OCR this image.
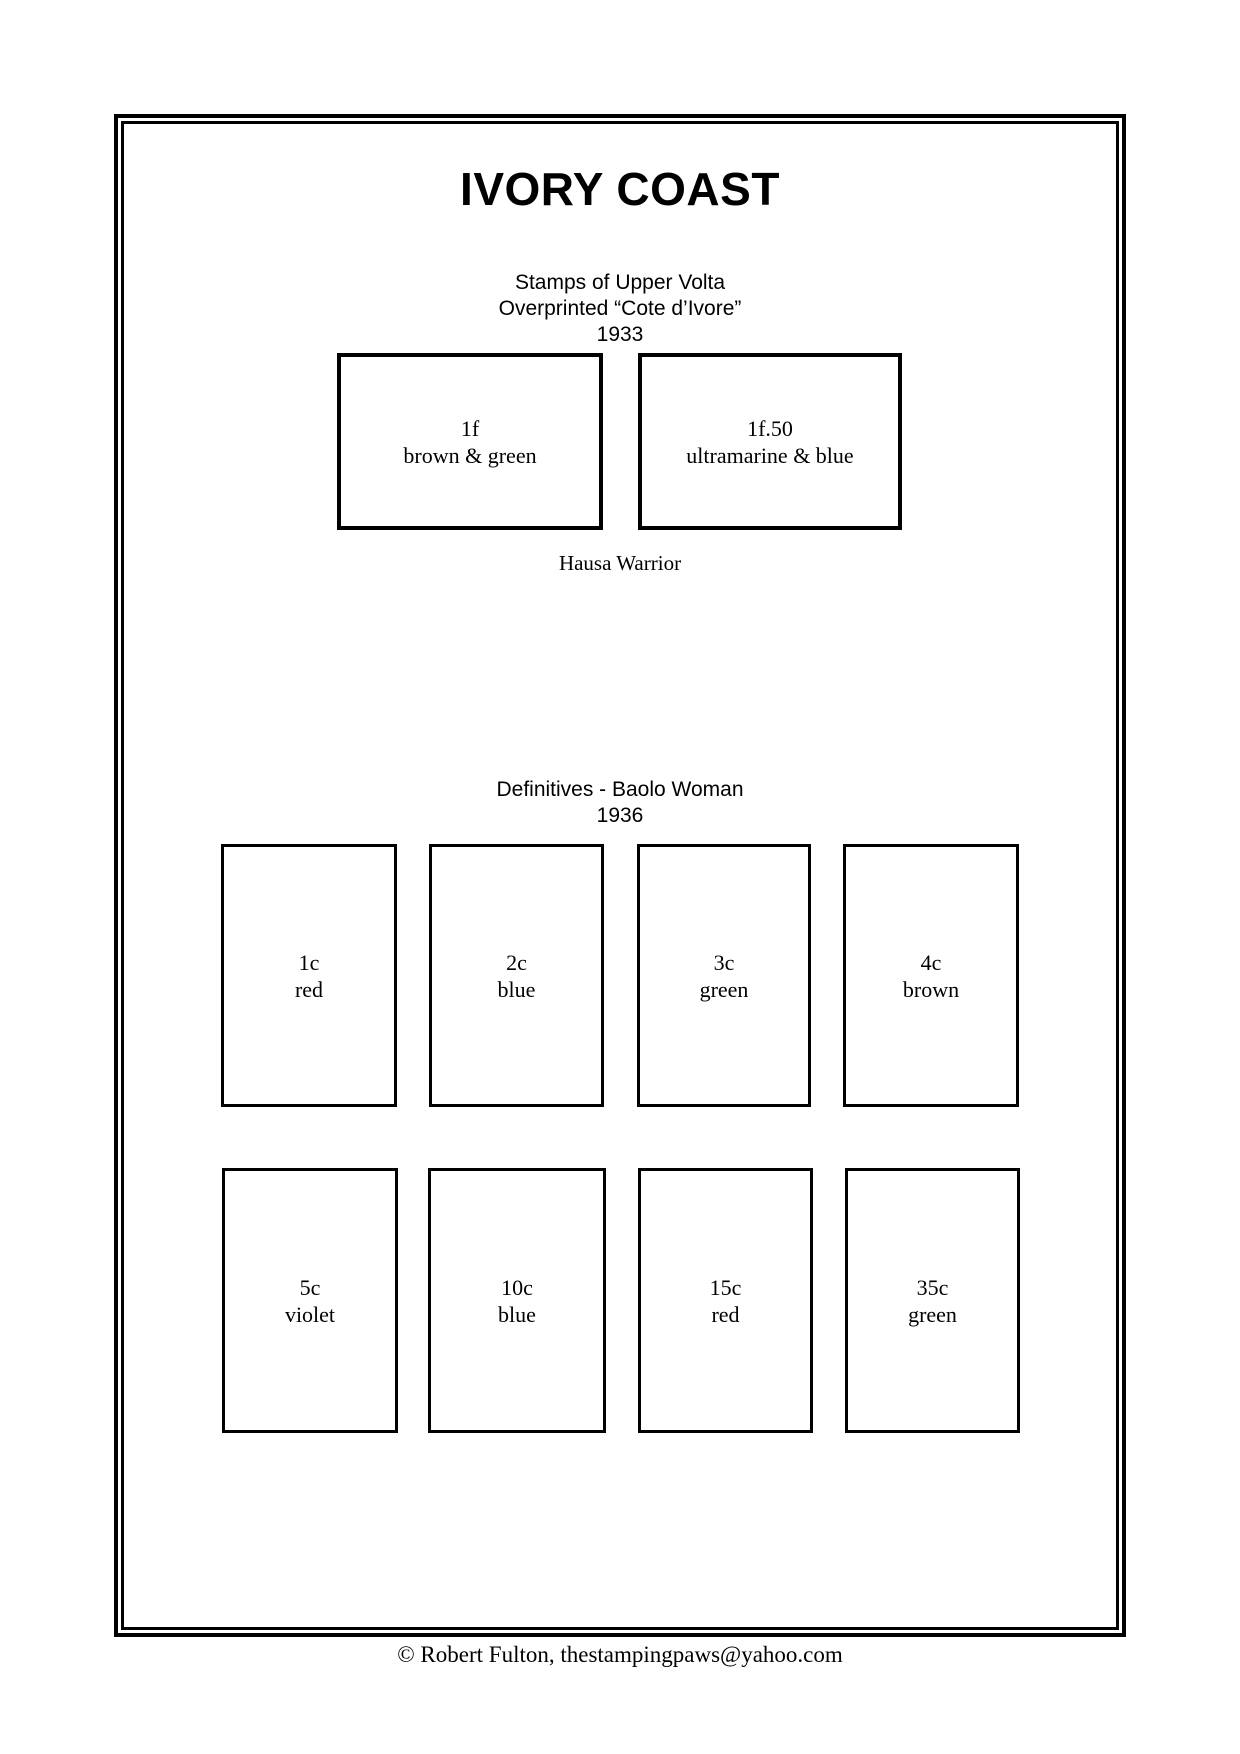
IVORY COAST
Stamps of Upper Volta
Overprinted “Cote d’Ivore”
1933
1f
brown & green
1f.50
ultramarine & blue
Hausa Warrior
Definitives - Baolo Woman
1936
1c
red
2c
blue
3c
green
4c
brown
5c
violet
10c
blue
15c
red
35c
green
© Robert Fulton, thestampingpaws@yahoo.com
